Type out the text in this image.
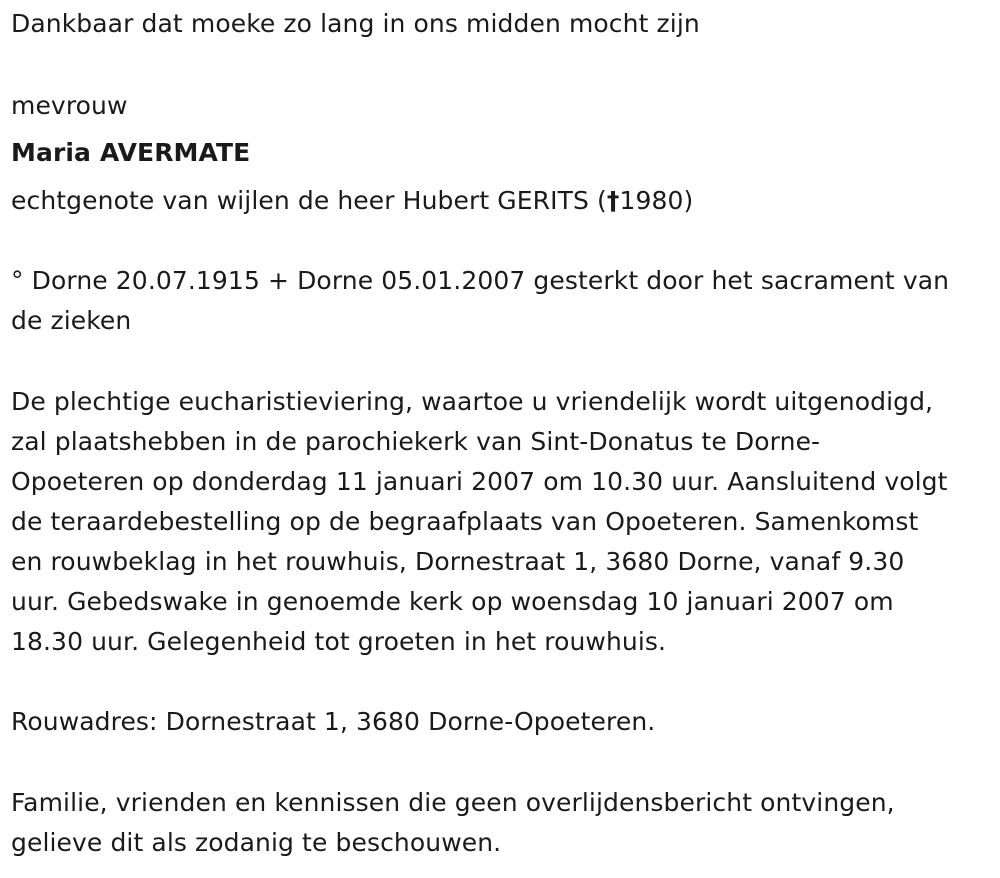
Dankbaar dat moeke zo lang in ons midden mocht zijn
mevrouw
Maria AVERMATE
echtgenote van wijlen de heer Hubert GERITS (†1980)
° Dorne 20.07.1915 + Dorne 05.01.2007 gesterkt door het sacrament van
de zieken
De plechtige eucharistieviering, waartoe u vriendelijk wordt uitgenodigd,
zal plaatshebben in de parochiekerk van Sint-Donatus te Dorne-
Opoeteren op donderdag 11 januari 2007 om 10.30 uur. Aansluitend volgt
de teraardebestelling op de begraafplaats van Opoeteren. Samenkomst
en rouwbeklag in het rouwhuis, Dornestraat 1, 3680 Dorne, vanaf 9.30
uur. Gebedswake in genoemde kerk op woensdag 10 januari 2007 om
18.30 uur. Gelegenheid tot groeten in het rouwhuis.
Rouwadres: Dornestraat 1, 3680 Dorne-Opoeteren.
Familie, vrienden en kennissen die geen overlijdensbericht ontvingen,
gelieve dit als zodanig te beschouwen.
